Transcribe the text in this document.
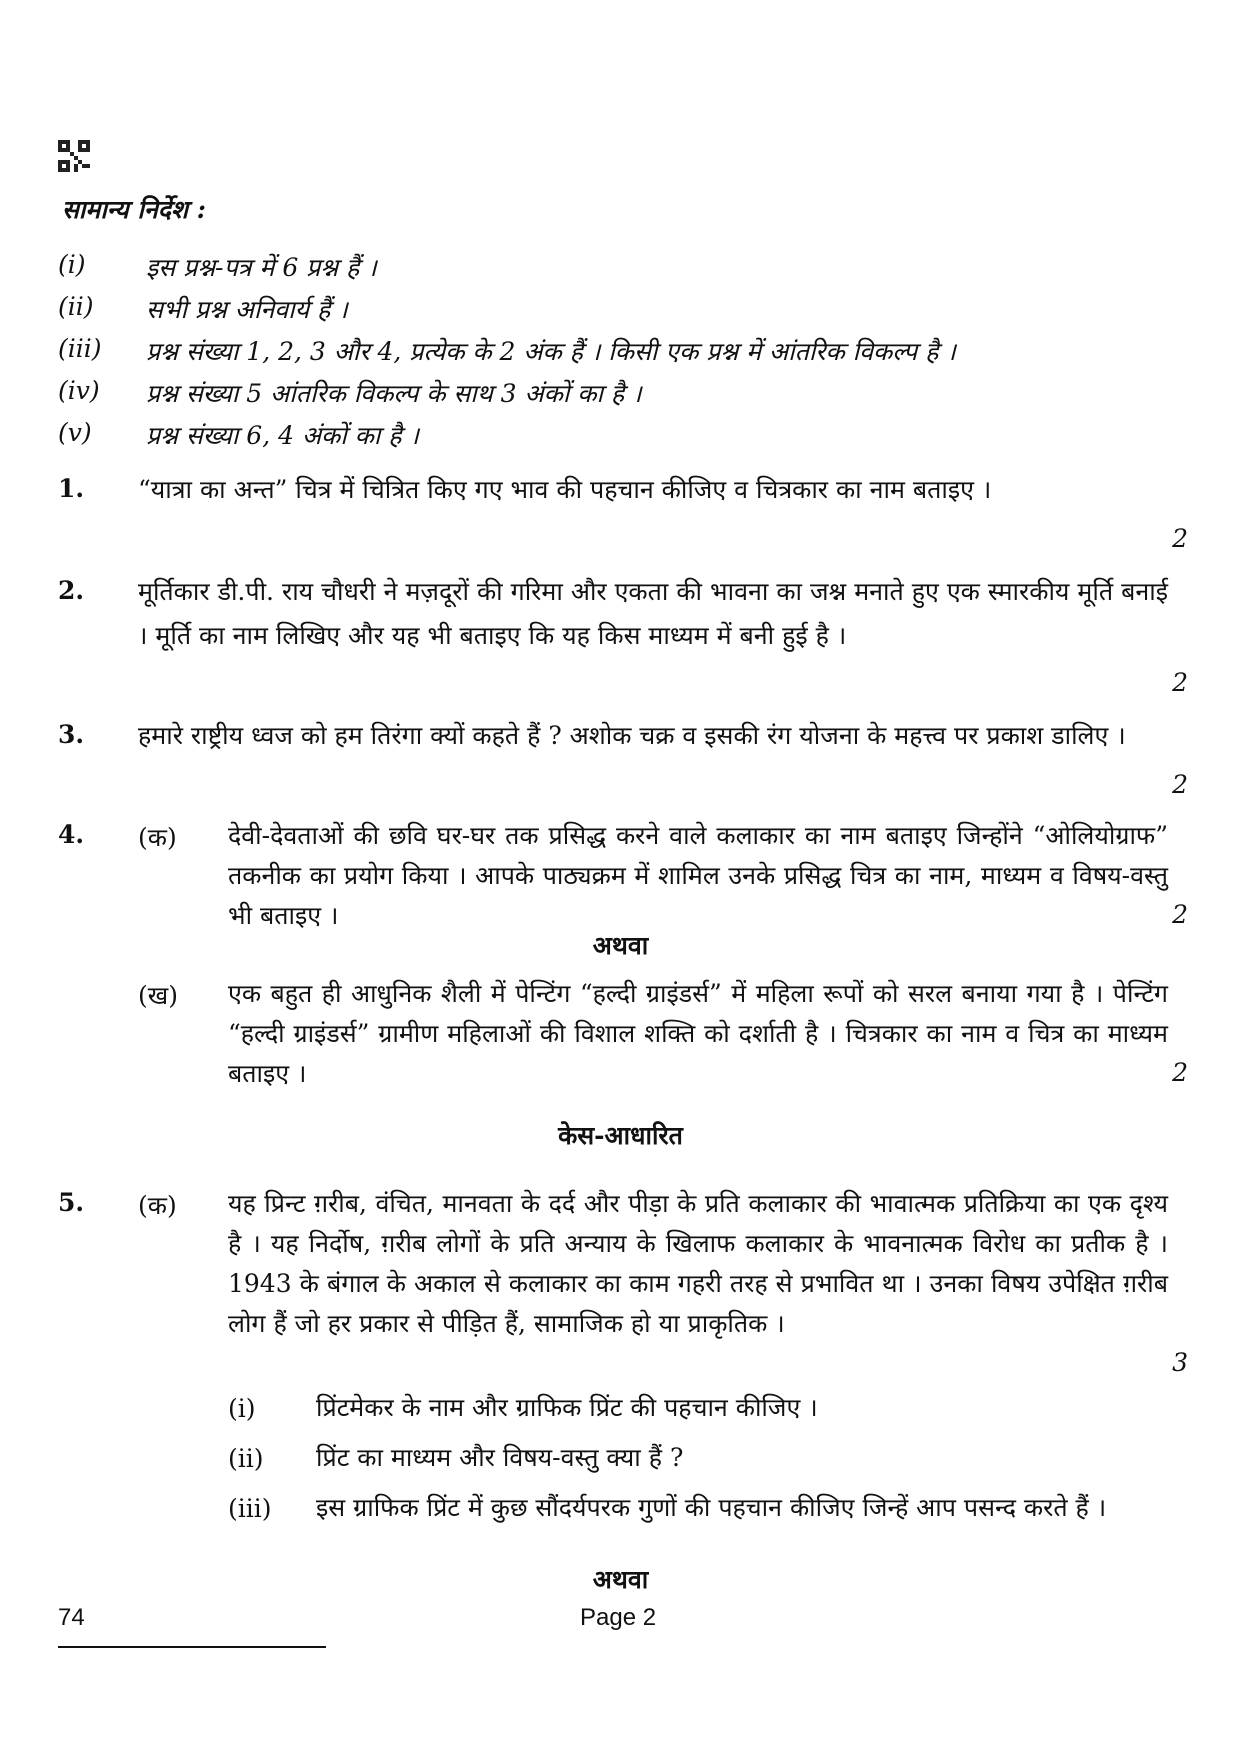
सामान्य निर्देश :
(i) इस प्रश्न-पत्र में 6 प्रश्न हैं ।
(ii) सभी प्रश्न अनिवार्य हैं ।
(iii) प्रश्न संख्या 1, 2, 3 और 4, प्रत्येक के 2 अंक हैं । किसी एक प्रश्न में आंतरिक विकल्प है ।
(iv) प्रश्न संख्या 5 आंतरिक विकल्प के साथ 3 अंकों का है ।
(v) प्रश्न संख्या 6, 4 अंकों का है ।
1. “यात्रा का अन्त” चित्र में चित्रित किए गए भाव की पहचान कीजिए व चित्रकार का नाम बताइए ।
2
2. मूर्तिकार डी.पी. राय चौधरी ने मज़दूरों की गरिमा और एकता की भावना का जश्न मनाते हुए एक स्मारकीय मूर्ति बनाई । मूर्ति का नाम लिखिए और यह भी बताइए कि यह किस माध्यम में बनी हुई है ।
2
3. हमारे राष्ट्रीय ध्वज को हम तिरंगा क्यों कहते हैं ? अशोक चक्र व इसकी रंग योजना के महत्त्व पर प्रकाश डालिए ।
2
4. (क) देवी-देवताओं की छवि घर-घर तक प्रसिद्ध करने वाले कलाकार का नाम बताइए जिन्होंने “ओलियोग्राफ” तकनीक का प्रयोग किया । आपके पाठ्यक्रम में शामिल उनके प्रसिद्ध चित्र का नाम, माध्यम व विषय-वस्तु भी बताइए ।	2
अथवा
(ख) एक बहुत ही आधुनिक शैली में पेन्टिंग “हल्दी ग्राइंडर्स” में महिला रूपों को सरल बनाया गया है । पेन्टिंग “हल्दी ग्राइंडर्स” ग्रामीण महिलाओं की विशाल शक्ति को दर्शाती है । चित्रकार का नाम व चित्र का माध्यम बताइए ।	2
केस-आधारित
5. (क) यह प्रिन्ट ग़रीब, वंचित, मानवता के दर्द और पीड़ा के प्रति कलाकार की भावात्मक प्रतिक्रिया का एक दृश्य है । यह निर्दोष, ग़रीब लोगों के प्रति अन्याय के खिलाफ कलाकार के भावनात्मक विरोध का प्रतीक है । 1943 के बंगाल के अकाल से कलाकार का काम गहरी तरह से प्रभावित था । उनका विषय उपेक्षित ग़रीब लोग हैं जो हर प्रकार से पीड़ित हैं, सामाजिक हो या प्राकृतिक ।
3
(i) प्रिंटमेकर के नाम और ग्राफिक प्रिंट की पहचान कीजिए ।
(ii) प्रिंट का माध्यम और विषय-वस्तु क्या हैं ?
(iii) इस ग्राफिक प्रिंट में कुछ सौंदर्यपरक गुणों की पहचान कीजिए जिन्हें आप पसन्द करते हैं ।
अथवा
74	Page 2
